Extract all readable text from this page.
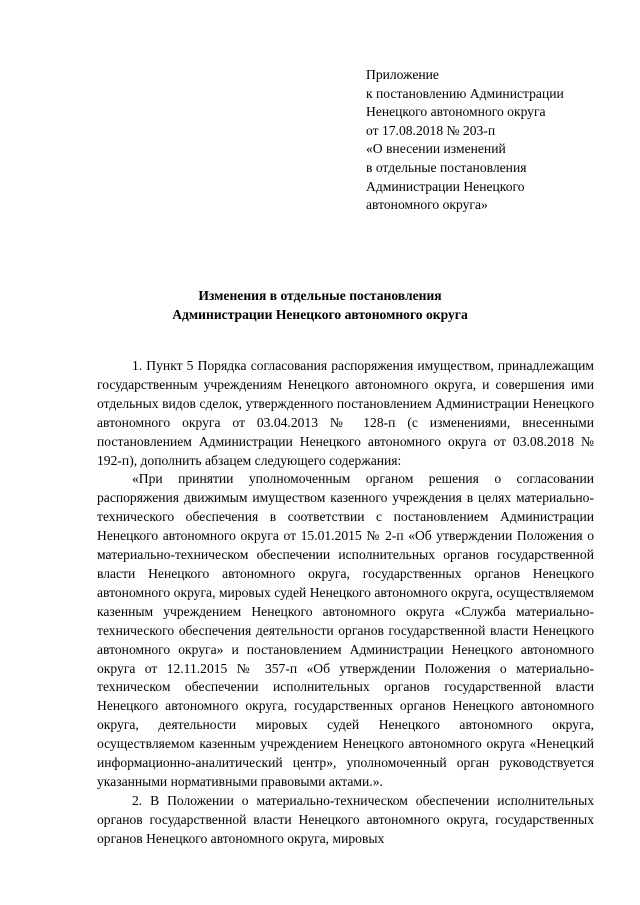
Приложение
к постановлению Администрации
Ненецкого автономного округа
от 17.08.2018 № 203-п
«О внесении изменений
в отдельные постановления
Администрации Ненецкого
автономного округа»
Изменения в отдельные постановления
Администрации Ненецкого автономного округа

1. Пункт 5 Порядка согласования распоряжения имуществом, принадлежащим государственным учреждениям Ненецкого автономного округа, и совершения ими отдельных видов сделок, утвержденного постановлением Администрации Ненецкого автономного округа от 03.04.2013 № 128-п (с изменениями, внесенными постановлением Администрации Ненецкого автономного округа от 03.08.2018 № 192-п), дополнить абзацем следующего содержания:

«При принятии уполномоченным органом решения о согласовании распоряжения движимым имуществом казенного учреждения в целях материально-технического обеспечения в соответствии с постановлением Администрации Ненецкого автономного округа от 15.01.2015 № 2-п «Об утверждении Положения о материально-техническом обеспечении исполнительных органов государственной власти Ненецкого автономного округа, государственных органов Ненецкого автономного округа, мировых судей Ненецкого автономного округа, осуществляемом казенным учреждением Ненецкого автономного округа «Служба материально-технического обеспечения деятельности органов государственной власти Ненецкого автономного округа» и постановлением Администрации Ненецкого автономного округа от 12.11.2015 № 357-п «Об утверждении Положения о материально-техническом обеспечении исполнительных органов государственной власти Ненецкого автономного округа, государственных органов Ненецкого автономного округа, деятельности мировых судей Ненецкого автономного округа, осуществляемом казенным учреждением Ненецкого автономного округа «Ненецкий информационно-аналитический центр», уполномоченный орган руководствуется указанными нормативными правовыми актами.».

2. В Положении о материально-техническом обеспечении исполнительных органов государственной власти Ненецкого автономного округа, государственных органов Ненецкого автономного округа, мировых
